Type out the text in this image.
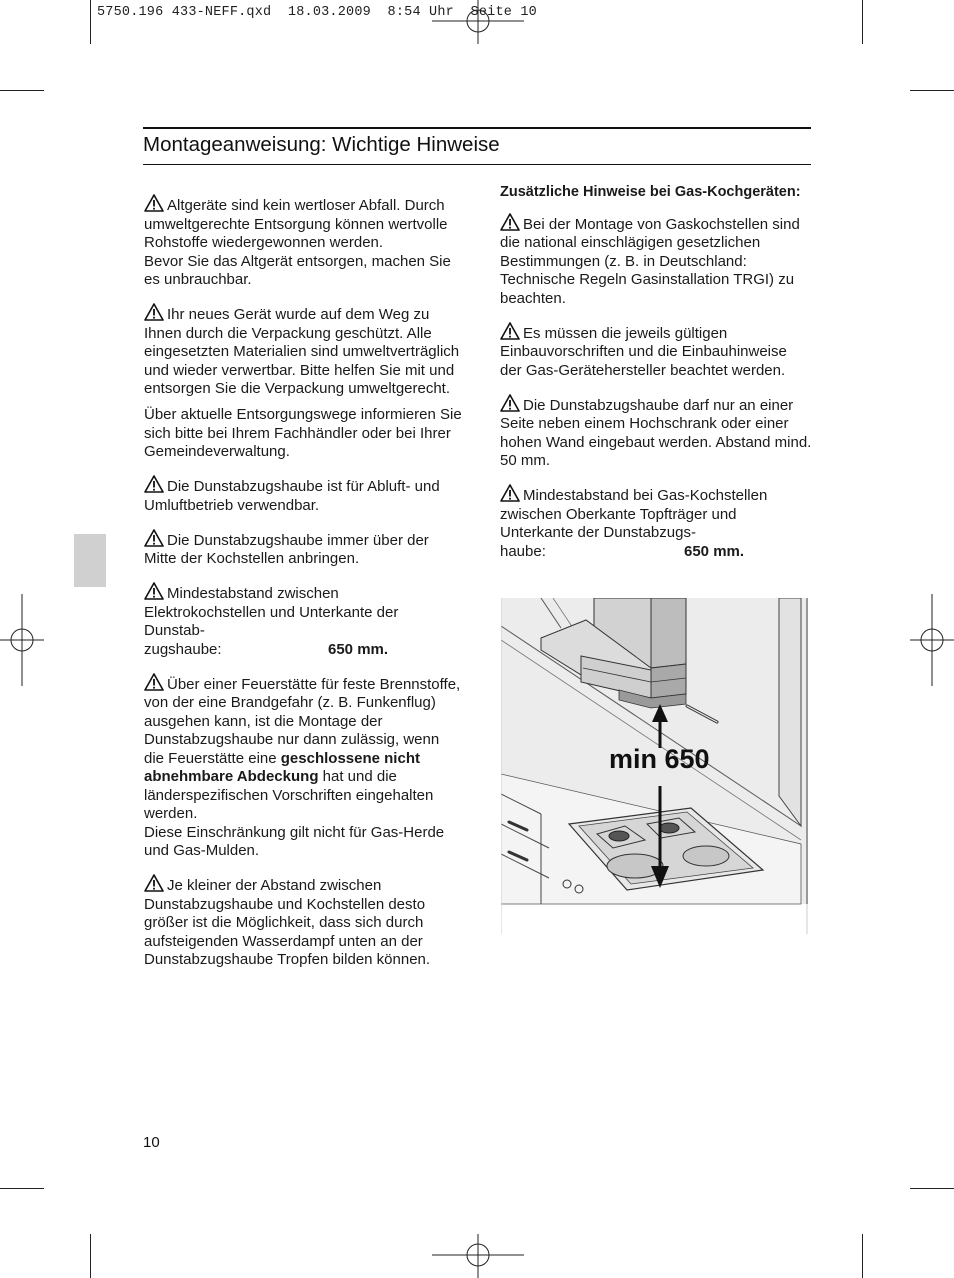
5750.196 433-NEFF.qxd  18.03.2009  8:54 Uhr  Seite 10
Montageanweisung: Wichtige Hinweise

Altgeräte sind kein wertloser Abfall. Durch umweltgerechte Entsorgung können wertvolle Rohstoffe wiedergewonnen werden.
Bevor Sie das Altgerät entsorgen, machen Sie es unbrauchbar.

Ihr neues Gerät wurde auf dem Weg zu Ihnen durch die Verpackung geschützt. Alle eingesetzten Materialien sind umweltverträglich und wieder verwertbar. Bitte helfen Sie mit und entsorgen Sie die Verpackung umweltgerecht.

Über aktuelle Entsorgungswege informieren Sie sich bitte bei Ihrem Fachhändler oder bei Ihrer Gemeindeverwaltung.

Die Dunstabzugshaube ist für Abluft- und Umluftbetrieb verwendbar.

Die Dunstabzugshaube immer über der Mitte der Kochstellen anbringen.

Mindestabstand zwischen Elektrokochstellen und Unterkante der Dunstab-
zugshaube:	650 mm.

Über einer Feuerstätte für feste Brennstoffe, von der eine Brandgefahr (z. B. Funkenflug) ausgehen kann, ist die Montage der Dunstabzugshaube nur dann zulässig, wenn die Feuerstätte eine geschlossene nicht abnehmbare Abdeckung hat und die länderspezifischen Vorschriften eingehalten werden.
Diese Einschränkung gilt nicht für Gas-Herde und Gas-Mulden.

Je kleiner der Abstand zwischen Dunstabzugshaube und Kochstellen desto größer ist die Möglichkeit, dass sich durch aufsteigenden Wasserdampf unten an der Dunstabzugshaube Tropfen bilden können.

Zusätzliche Hinweise bei Gas-Kochgeräten:

Bei der Montage von Gaskochstellen sind die national einschlägigen gesetzlichen Bestimmungen (z. B. in Deutschland: Technische Regeln Gasinstallation TRGI) zu beachten.

Es müssen die jeweils gültigen Einbauvorschriften und die Einbauhinweise der Gas-Gerätehersteller beachtet werden.

Die Dunstabzugshaube darf nur an einer Seite neben einem Hochschrank oder einer hohen Wand eingebaut werden. Abstand mind. 50 mm.

Mindestabstand bei Gas-Kochstellen zwischen Oberkante Topfträger und Unterkante der Dunstabzugs-
haube:	650 mm.

min 650
10
